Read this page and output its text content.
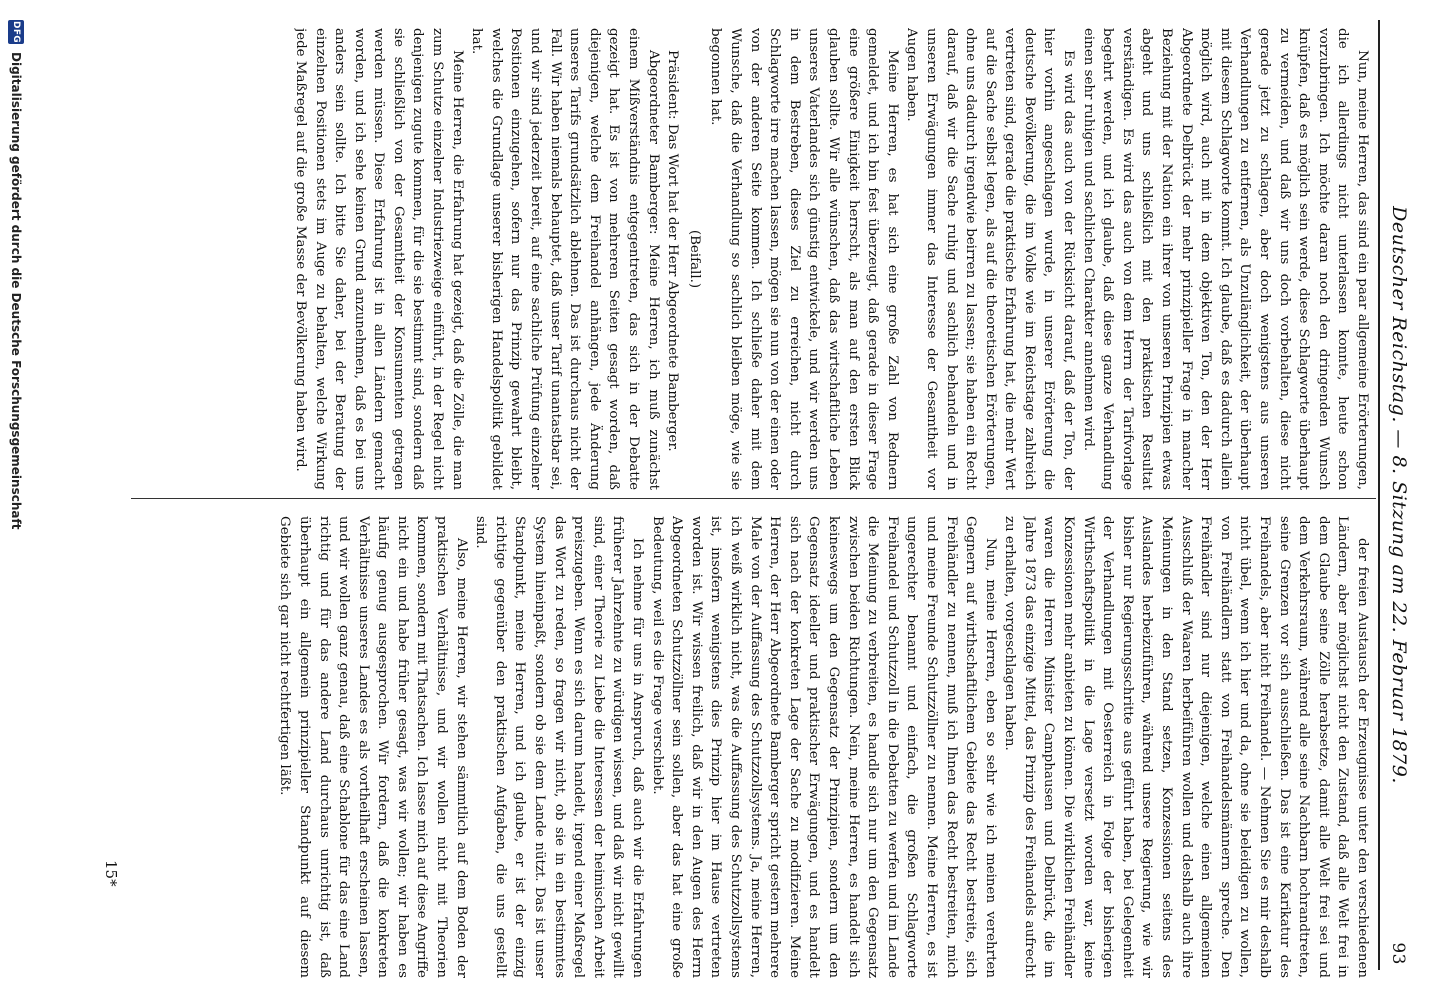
Deutscher Reichstag. — 8. Sitzung am 22. Februar 1879.
93

Nun, meine Herren, das sind ein paar allgemeine Erörterungen, die ich allerdings nicht unterlassen konnte, heute schon vorzubringen. Ich möchte daran noch den dringenden Wunsch knüpfen, daß es möglich sein werde, diese Schlagworte überhaupt zu vermeiden, und daß wir uns doch vorbehalten, diese nicht gerade jetzt zu schlagen, aber doch wenigstens aus unseren Verhandlungen zu entfernen, als Unzulänglichkeit, der überhaupt mit diesem Schlagworte kommt. Ich glaube, daß es dadurch allein möglich wird, auch mit in dem objektiven Ton, den der Herr Abgeordnete Delbrück der mehr prinzipieller Frage in mancher Beziehung mit der Nation ein ihrer von unseren Prinzipien etwas abgeht und uns schließlich mit den praktischen Resultat verständigen. Es wird das auch von dem Herrn der Tarifvorlage begehrt werden, und ich glaube, daß diese ganze Verhandlung einen sehr ruhigen und sachlichen Charakter annehmen wird.

Es wird das auch von der Rücksicht darauf, daß der Ton, der hier vorhin angeschlagen wurde, in unserer Erörterung die deutsche Bevölkerung, die im Volke wie im Reichstage zahlreich vertreten sind, gerade die praktische Erfahrung hat, die mehr Wert auf die Sache selbst legen, als auf die theoretischen Erörterungen, ohne uns dadurch irgendwie beirren zu lassen; sie haben ein Recht darauf, daß wir die Sache ruhig und sachlich behandeln und in unseren Erwägungen immer das Interesse der Gesamtheit vor Augen haben.

Meine Herren, es hat sich eine große Zahl von Rednern gemeldet, und ich bin fest überzeugt, daß gerade in dieser Frage eine größere Einigkeit herrscht, als man auf den ersten Blick glauben sollte. Wir alle wünschen, daß das wirtschaftliche Leben unseres Vaterlandes sich günstig entwickele, und wir werden uns in dem Bestreben, dieses Ziel zu erreichen, nicht durch Schlagworte irre machen lassen, mögen sie nun von der einen oder von der anderen Seite kommen. Ich schließe daher mit dem Wunsche, daß die Verhandlung so sachlich bleiben möge, wie sie begonnen hat.

(Beifall.)

Präsident: Das Wort hat der Herr Abgeordnete Bamberger.

Abgeordneter Bamberger: Meine Herren, ich muß zunächst einem Mißverständnis entgegentreten, das sich in der Debatte gezeigt hat. Es ist von mehreren Seiten gesagt worden, daß diejenigen, welche dem Freihandel anhängen, jede Änderung unseres Tarifs grundsätzlich ablehnen. Das ist durchaus nicht der Fall. Wir haben niemals behauptet, daß unser Tarif unantastbar sei, und wir sind jederzeit bereit, auf eine sachliche Prüfung einzelner Positionen einzugehen, sofern nur das Prinzip gewahrt bleibt, welches die Grundlage unserer bisherigen Handelspolitik gebildet hat.

Meine Herren, die Erfahrung hat gezeigt, daß die Zölle, die man zum Schutze einzelner Industriezweige einführt, in der Regel nicht denjenigen zugute kommen, für die sie bestimmt sind, sondern daß sie schließlich von der Gesamtheit der Konsumenten getragen werden müssen. Diese Erfahrung ist in allen Ländern gemacht worden, und ich sehe keinen Grund anzunehmen, daß es bei uns anders sein sollte. Ich bitte Sie daher, bei der Beratung der einzelnen Positionen stets im Auge zu behalten, welche Wirkung jede Maßregel auf die große Masse der Bevölkerung haben wird.

der freien Austausch der Erzeugnisse unter den verschiedenen Ländern, aber möglichst nicht den Zustand, daß alle Welt frei in dem Glaube seine Zölle herabsetze, damit alle Welt frei sei und dem Verkehrsraum, während alle seine Nachbarn hochrandtreten, seine Grenzen vor sich ausschließen. Das ist eine Karikatur des Freihandels, aber nicht Freihandel. — Nehmen Sie es mir deshalb nicht übel, wenn ich hier und da, ohne sie beleidigen zu wollen, von Freihändlern statt von Freihandelsmännern spreche. Den Freihändler sind nur diejenigen, welche einen allgemeinen Ausschluß der Waaren herbeiführen wollen und deshalb auch ihre Meinungen in den Stand setzen, Konzessionen seitens des Auslandes herbeizuführen, während unsere Regierung, wie wir bisher nur Regierungsschritte aus geführt haben, bei Gelegenheit der Verhandlungen mit Oesterreich in Folge der bisherigen Wirthschaftspolitik in die Lage versetzt worden war, keine Konzessionen mehr anbieten zu können. Die wirklichen Freihändler waren die Herren Minister Camphausen und Delbrück, die im Jahre 1873 das einzige Mittel, das Prinzip des Freihandels aufrecht zu erhalten, vorgeschlagen haben.

Nun, meine Herren, eben so sehr wie ich meinen verehrten Gegnern auf wirthschaftlichem Gebiete das Recht bestreite, sich Freihändler zu nennen, muß ich Ihnen das Recht bestreiten, mich und meine Freunde Schutzzöllner zu nennen. Meine Herren, es ist ungerechter benannt und einfach, die großen Schlagworte Freihandel und Schutzzoll in die Debatten zu werfen und im Lande die Meinung zu verbreiten, es handle sich nur um den Gegensatz zwischen beiden Richtungen. Nein, meine Herren, es handelt sich keineswegs um den Gegensatz der Prinzipien, sondern um den Gegensatz ideeller und praktischer Erwägungen, und es handelt sich nach der konkreten Lage der Sache zu modifizieren. Meine Herren, der Herr Abgeordnete Bamberger spricht gestern mehrere Male von der Auffassung des Schutzzollsystems. Ja, meine Herren, ich weiß wirklich nicht, was die Auffassung des Schutzzollsystems ist, insofern wenigstens dies Prinzip hier im Hause vertreten worden ist. Wir wissen freilich, daß wir in den Augen des Herrn Abgeordneten Schutzzöllner sein sollen, aber das hat eine große Bedeutung, weil es die Frage verschiebt.

Ich nehme für uns in Anspruch, daß auch wir die Erfahrungen früherer Jahrzehnte zu würdigen wissen, und daß wir nicht gewillt sind, einer Theorie zu Liebe die Interessen der heimischen Arbeit preiszugeben. Wenn es sich darum handelt, irgend einer Maßregel das Wort zu reden, so fragen wir nicht, ob sie in ein bestimmtes System hineinpaßt, sondern ob sie dem Lande nützt. Das ist unser Standpunkt, meine Herren, und ich glaube, er ist der einzig richtige gegenüber den praktischen Aufgaben, die uns gestellt sind.

Also, meine Herren, wir stehen sämmtlich auf dem Boden der praktischen Verhältnisse, und wir wollen nicht mit Theorien kommen, sondern mit Thatsachen. Ich lasse mich auf diese Angriffe nicht ein und habe früher gesagt, was wir wollen; wir haben es häufig genug ausgesprochen. Wir fordern, daß die konkreten Verhältnisse unseres Landes es als vortheilhaft erscheinen lassen, und wir wollen ganz genau, daß eine Schablone für das eine Land richtig und für das andere Land durchaus unrichtig ist, daß überhaupt ein allgemein prinzipieller Standpunkt auf diesem Gebiete sich gar nicht rechtfertigen läßt.

15*
DFG
Digitalisierung gefördert durch die Deutsche Forschungsgemeinschaft
